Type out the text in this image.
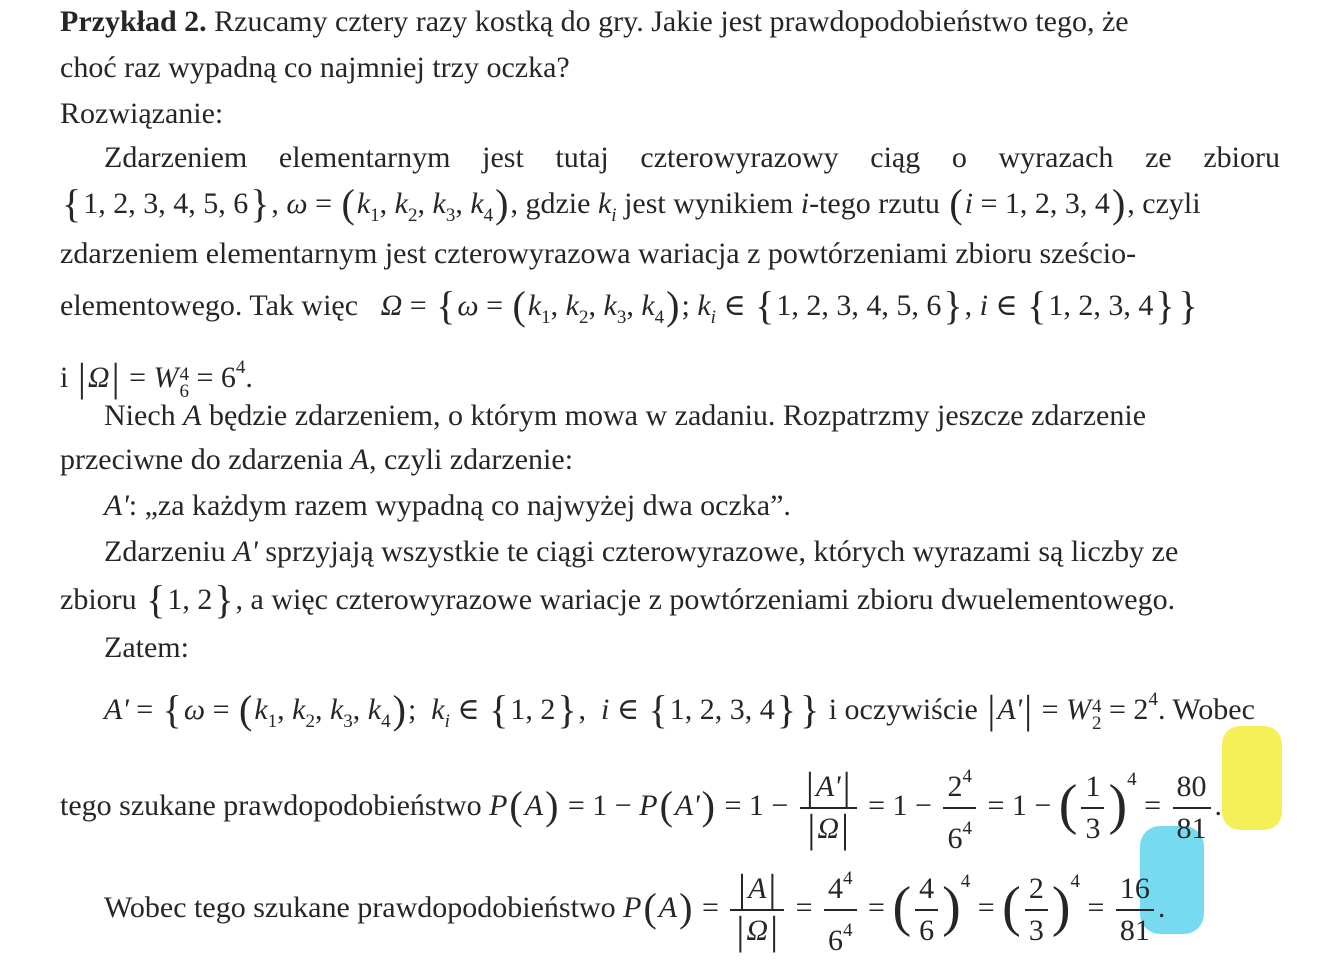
Przykład 2. Rzucamy cztery razy kostką do gry. Jakie jest prawdopodobieństwo tego, że
choć raz wypadną co najmniej trzy oczka?
Rozwiązanie:
Zdarzeniem elementarnym jest tutaj czterowyrazowy ciąg o wyrazach ze zbioru
{1, 2, 3, 4, 5, 6}, $\omega = (k_1$, $k_2$, $k_3$, $k_4$), gdzie $k_i$ jest wynikiem i-tego rzutu (i = 1, 2, 3, 4), czyli
zdarzeniem elementarnym jest czterowyrazowa wariacja z powtórzeniami zbioru sześcio-
elementowego. Tak więc $\Omega = \{\omega = (k_1$, $k_2$, $k_3$, $k_4$); $k_i$ ∈ {1, 2, 3, 4, 5, 6}, i ∈ {1, 2, 3, 4} }
i |Ω| = W 4
$6 = 6^4$.
Niech A będzie zdarzeniem, o którym mowa w zadaniu. Rozpatrzmy jeszcze zdarzenie
przeciwne do zdarzenia A, czyli zdarzenie:
A': „za każdym razem wypadną co najwyżej dwa oczka”.
Zdarzeniu A' sprzyjają wszystkie te ciągi czterowyrazowe, których wyrazami są liczby ze
zbioru {1, 2}, a więc czterowyrazowe wariacje z powtórzeniami zbioru dwuelementowego.
Zatem:
$A' = \{\omega = (k_1$, $k_2$, $k_3$, $k_4$);  $k_i$ ∈ {1, 2},  i ∈ {1, 2, 3, 4} } i oczywiście |A'| = W 4
$2 = 2^4$. Wobec
tego szukane prawdopodobieństwo $P(A) = 1 - P(A') = 1 - \frac{|A'|}{|\Omega|} = 1 - \frac{2^4}{6^4} = 1$ − ( $\frac{1}{3} )^4 = \frac{80}{81}$ .
Wobec tego szukane prawdopodobieństwo $P(A) = \frac{|A|}{|\Omega|} = \frac{4^4}{6^4}$ = ( $\frac{4}{6} )^4$ = ( $\frac{2}{3} )^4 = \frac{16}{81}$ .
